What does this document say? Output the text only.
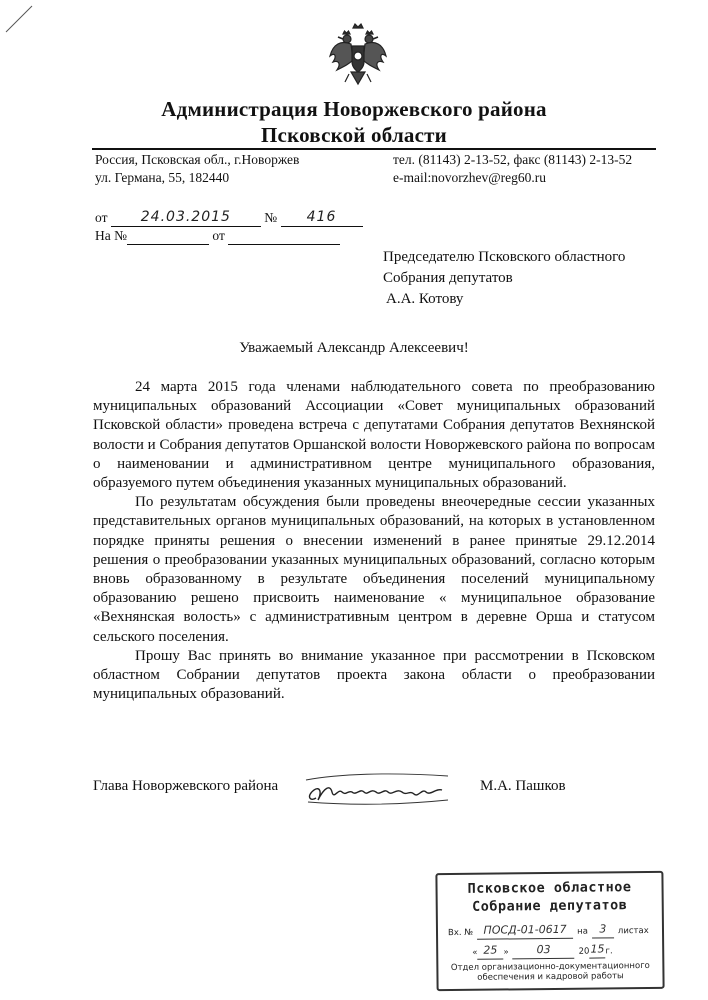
Администрация Новоржевского района
Псковской области
Россия, Псковская обл., г.Новоржев
ул. Германа, 55, 182440
тел. (81143) 2-13-52, факс (81143) 2-13-52
e-mail:novorzhev@reg60.ru
от 24.03.2015 № 416
На №	от
Председателю Псковского областного
Собрания депутатов
А.А. Котову
Уважаемый Александр Алексеевич!

24 марта 2015 года членами наблюдательного совета по преобразованию муниципальных образований Ассоциации «Совет муниципальных образований Псковской области» проведена встреча с депутатами Собрания депутатов Вехнянской волости и Собрания депутатов Оршанской волости Новоржевского района по вопросам о наименовании и административном центре муниципального образования, образуемого путем объединения указанных муниципальных образований.

По результатам обсуждения были проведены внеочередные сессии указанных представительных органов муниципальных образований, на которых в установленном порядке приняты решения о внесении изменений в ранее принятые 29.12.2014 решения о преобразовании указанных муниципальных образований, согласно которым вновь образованному в результате объединения поселений муниципальному образованию решено присвоить наименование « муниципальное образование «Вехнянская волость» с административным центром в деревне Орша и статусом сельского поселения.

Прошу Вас принять во внимание указанное при рассмотрении в Псковском областном Собрании депутатов проекта закона области о преобразовании муниципальных образований.

Глава Новоржевского района	М.А. Пашков
Псковское областное
Собрание депутатов
Вх. № ПОСД-01-0617 на 3 листах
« 25 »	03	2015г.
Отдел организационно-документационного
обеспечения и кадровой работы
